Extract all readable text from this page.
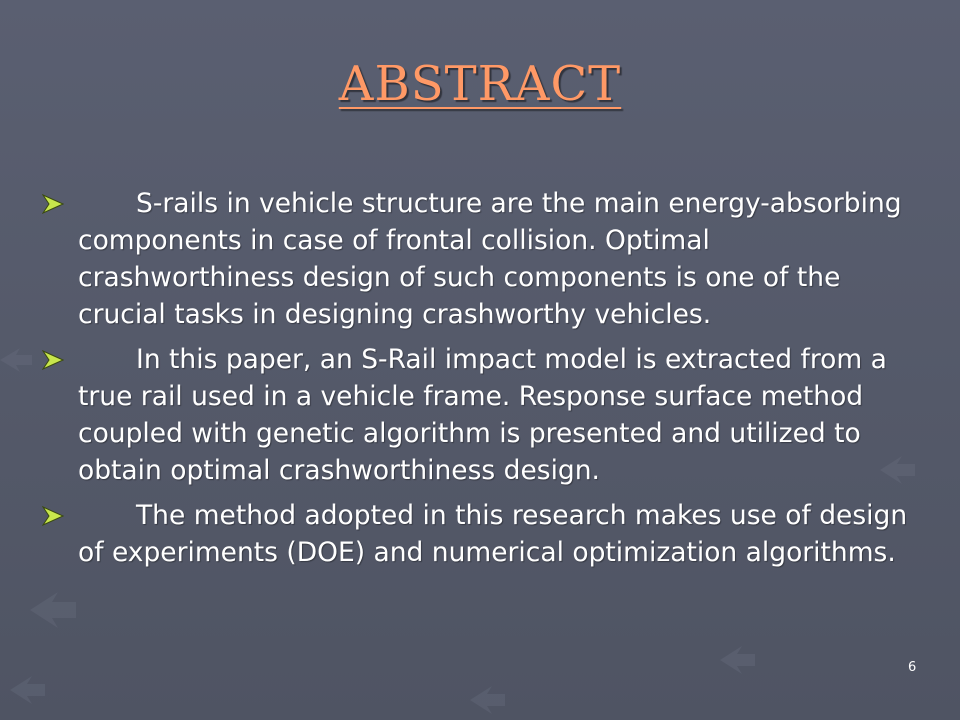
ABSTRACT
S-rails in vehicle structure are the main energy-absorbing components in case of frontal collision. Optimal crashworthiness design of such components is one of the crucial tasks in designing crashworthy vehicles.
In this paper, an S-Rail impact model is extracted from a true rail used in a vehicle frame. Response surface method coupled with genetic algorithm is presented and utilized to obtain optimal crashworthiness design.
The method adopted in this research makes use of design of experiments (DOE) and numerical optimization algorithms.
6
